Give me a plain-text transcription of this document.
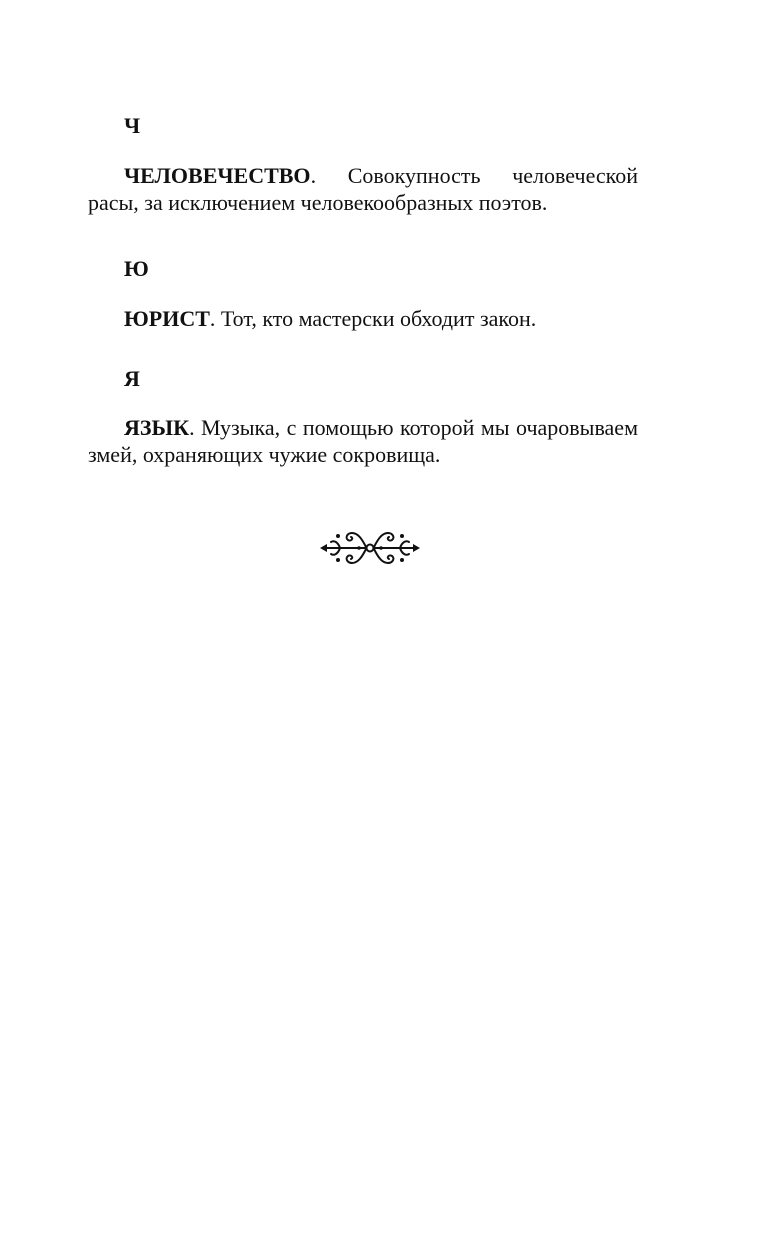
Ч

ЧЕЛОВЕЧЕСТВО. Совокупность человеческой расы, за исключением человекообразных поэтов.

Ю

ЮРИСТ. Тот, кто мастерски обходит закон.

Я

ЯЗЫК. Музыка, с помощью которой мы очаровываем змей, охраняющих чужие сокровища.
